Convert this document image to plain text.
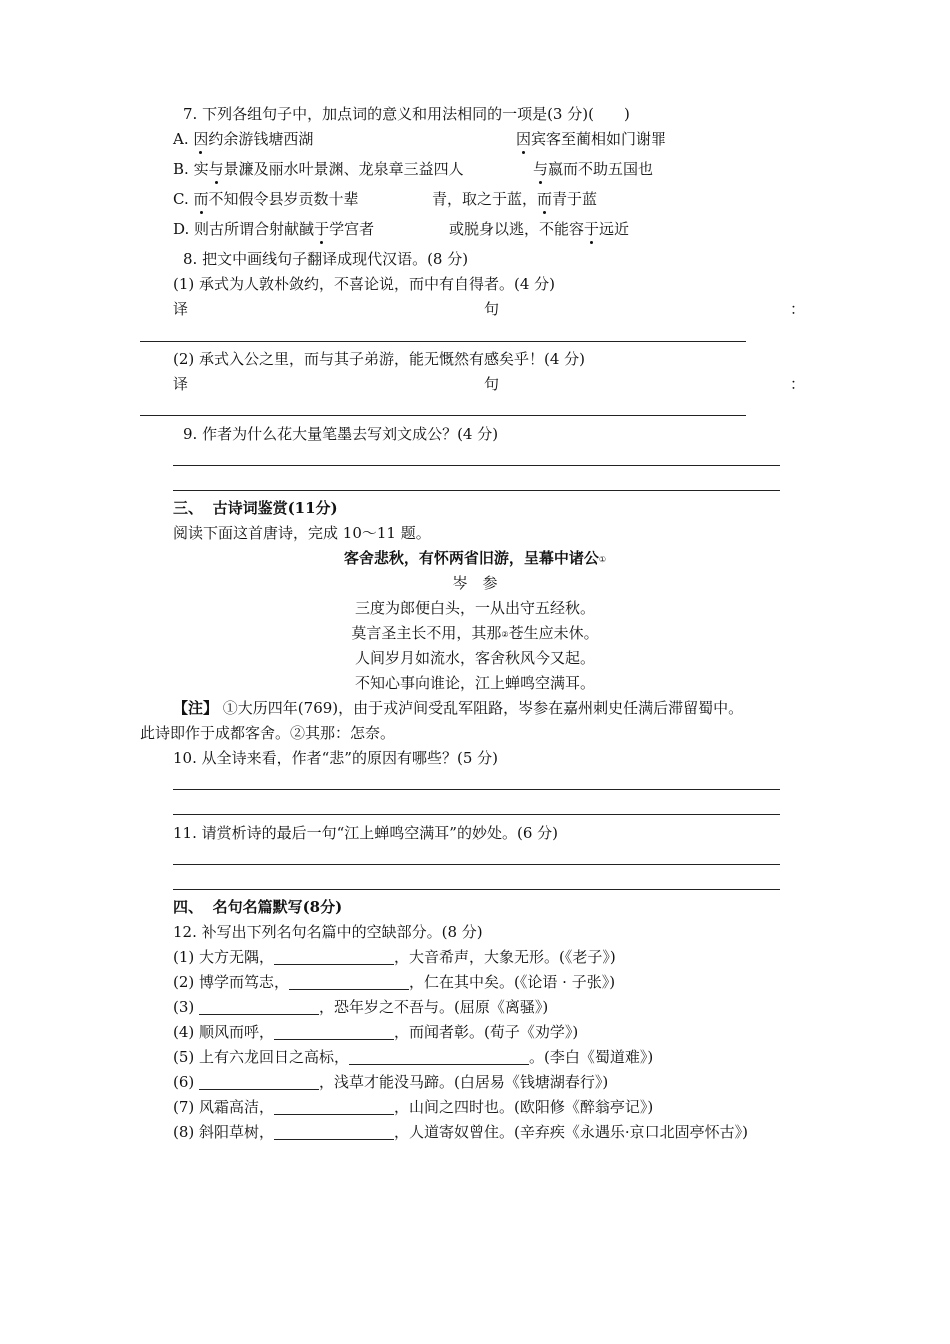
7. 下列各组句子中，加点词的意义和用法相同的一项是(3 分)(　　)
A. 因约余游钱塘西湖	因宾客至蔺相如门谢罪
B. 实与景濂及丽水叶景渊、龙泉章三益四人	与嬴而不助五国也
C. 而不知假令县岁贡数十辈	青，取之于蓝，而青于蓝
D. 则古所谓合射献馘于学宫者	或脱身以逃，不能容于远近
8. 把文中画线句子翻译成现代汉语。(8 分)
(1) 承式为人敦朴敛约，不喜论说，而中有自得者。(4 分)
译	句	：
(2) 承式入公之里，而与其子弟游，能无慨然有感矣乎！(4 分)
译	句	：
9. 作者为什么花大量笔墨去写刘文成公？(4 分)
三、 古诗词鉴赏(11分)
阅读下面这首唐诗，完成 10～11 题。
客舍悲秋，有怀两省旧游，呈幕中诸公①
岑　参
三度为郎便白头，一从出守五经秋。
莫言圣主长不用，其那②苍生应未休。
人间岁月如流水，客舍秋风今又起。
不知心事向谁论，江上蝉鸣空满耳。
【注】 ①大历四年(769)，由于戎泸间受乱军阻路，岑参在嘉州刺史任满后滞留蜀中。
此诗即作于成都客舍。②其那：怎奈。
10. 从全诗来看，作者“悲”的原因有哪些？(5 分)
11. 请赏析诗的最后一句“江上蝉鸣空满耳”的妙处。(6 分)
四、 名句名篇默写(8分)
12. 补写出下列名句名篇中的空缺部分。(8 分)
(1) 大方无隅，	，大音希声，大象无形。(《老子》)
(2) 博学而笃志，	，仁在其中矣。(《论语 · 子张》)
(3)	，恐年岁之不吾与。(屈原《离骚》)
(4) 顺风而呼，	，而闻者彰。(荀子《劝学》)
(5) 上有六龙回日之高标，	。(李白《蜀道难》)
(6)	，浅草才能没马蹄。(白居易《钱塘湖春行》)
(7) 风霜高洁，	，山间之四时也。(欧阳修《醉翁亭记》)
(8) 斜阳草树，	，人道寄奴曾住。(辛弃疾《永遇乐·京口北固亭怀古》)
